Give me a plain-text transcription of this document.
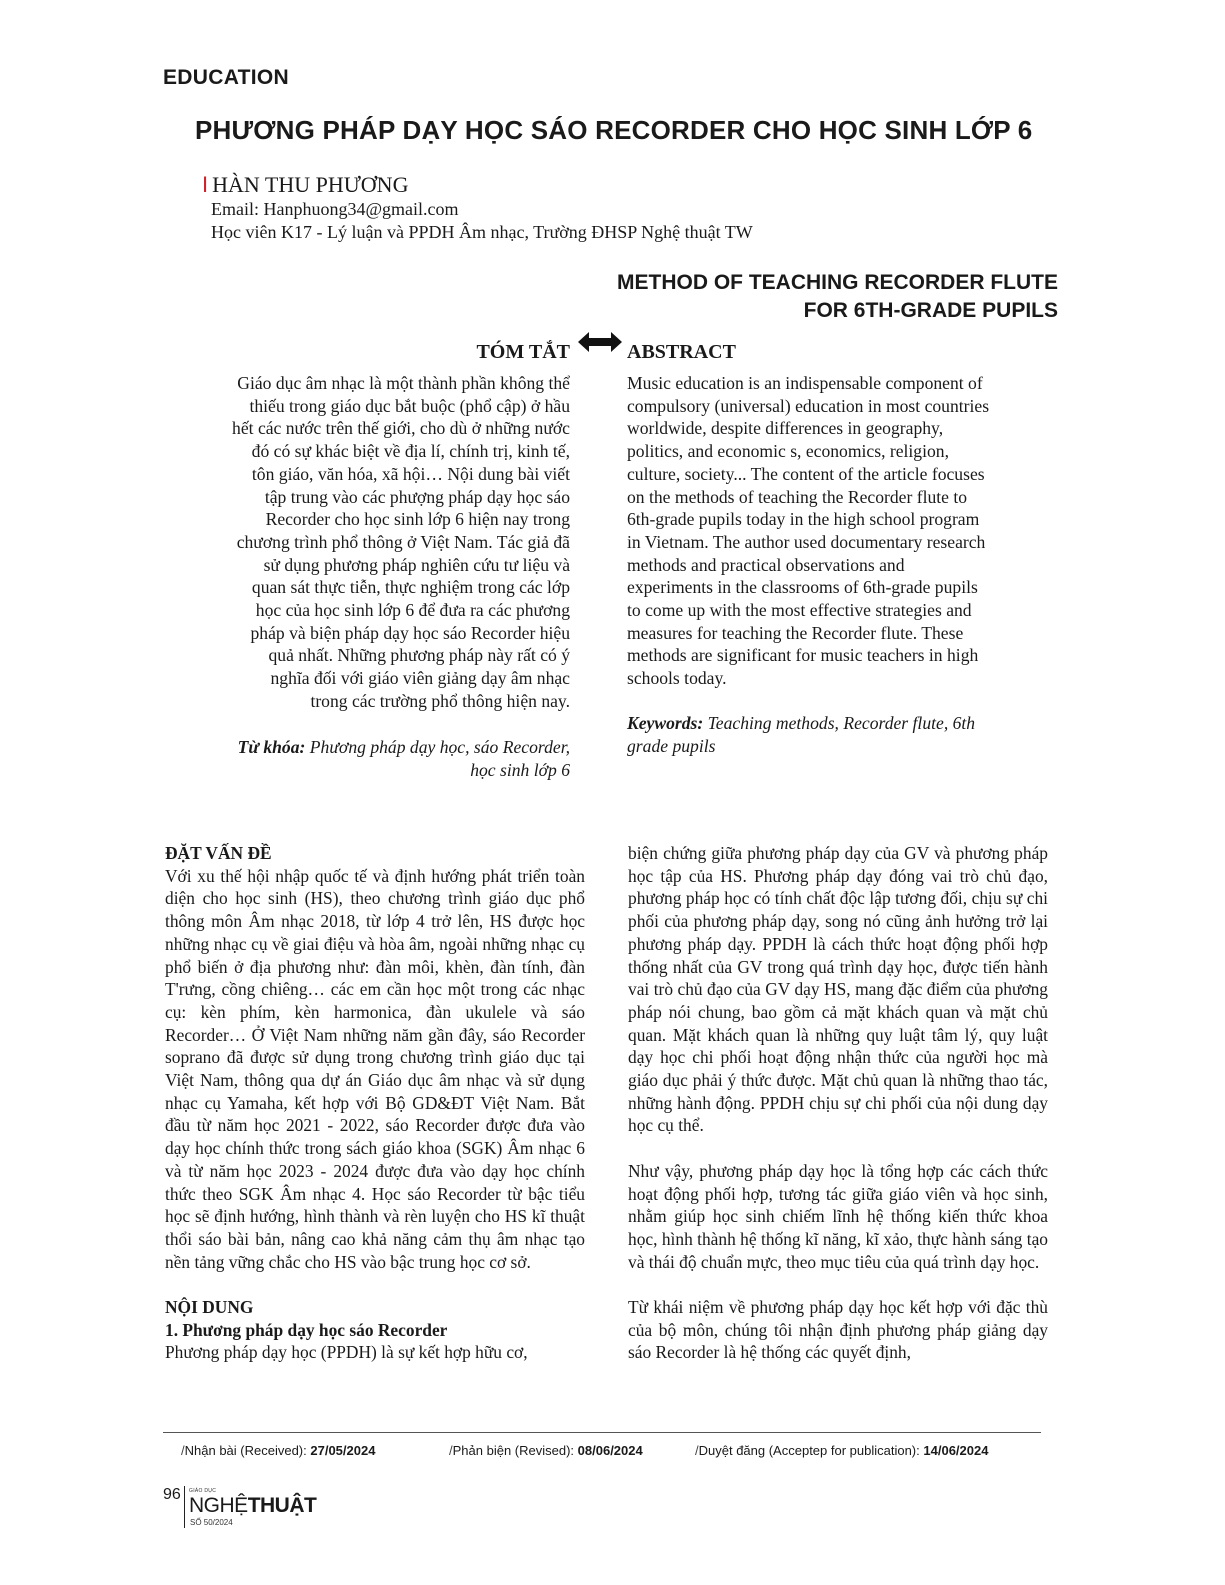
EDUCATION
PHƯƠNG PHÁP DẠY HỌC SÁO RECORDER CHO HỌC SINH LỚP 6
I HÀN THU PHƯƠNG
Email: Hanphuong34@gmail.com
Học viên K17 - Lý luận và PPDH Âm nhạc, Trường ĐHSP Nghệ thuật TW
METHOD OF TEACHING RECORDER FLUTE
FOR 6TH-GRADE PUPILS
TÓM TẮT	ABSTRACT
Giáo dục âm nhạc là một thành phần không thể
thiếu trong giáo dục bắt buộc (phổ cập) ở hầu
hết các nước trên thế giới, cho dù ở những nước
đó có sự khác biệt về địa lí, chính trị, kinh tế,
tôn giáo, văn hóa, xã hội… Nội dung bài viết
tập trung vào các phượng pháp dạy học sáo
Recorder cho học sinh lớp 6 hiện nay trong
chương trình phổ thông ở Việt Nam. Tác giả đã
sử dụng phương pháp nghiên cứu tư liệu và
quan sát thực tiễn, thực nghiệm trong các lớp
học của học sinh lớp 6 để đưa ra các phương
pháp và biện pháp dạy học sáo Recorder hiệu
quả nhất. Những phương pháp này rất có ý
nghĩa đối với giáo viên giảng dạy âm nhạc
trong các trường phổ thông hiện nay.
Từ khóa: Phương pháp dạy học, sáo Recorder,
học sinh lớp 6
Music education is an indispensable component of
compulsory (universal) education in most countries
worldwide, despite differences in geography,
politics, and economic s, economics, religion,
culture, society... The content of the article focuses
on the methods of teaching the Recorder flute to
6th-grade pupils today in the high school program
in Vietnam. The author used documentary research
methods and practical observations and
experiments in the classrooms of 6th-grade pupils
to come up with the most effective strategies and
measures for teaching the Recorder flute. These
methods are significant for music teachers in high
schools today.
Keywords: Teaching methods, Recorder flute, 6th
grade pupils

ĐẶT VẤN ĐỀ

Với xu thế hội nhập quốc tế và định hướng phát triển toàn diện cho học sinh (HS), theo chương trình giáo dục phổ thông môn Âm nhạc 2018, từ lớp 4 trở lên, HS được học những nhạc cụ về giai điệu và hòa âm, ngoài những nhạc cụ phổ biến ở địa phương như: đàn môi, khèn, đàn tính, đàn T'rưng, cồng chiêng… các em cần học một trong các nhạc cụ: kèn phím, kèn harmonica, đàn ukulele và sáo Recorder… Ở Việt Nam những năm gần đây, sáo Recorder soprano đã được sử dụng trong chương trình giáo dục tại Việt Nam, thông qua dự án Giáo dục âm nhạc và sử dụng nhạc cụ Yamaha, kết hợp với Bộ GD&ĐT Việt Nam. Bắt đầu từ năm học 2021 - 2022, sáo Recorder được đưa vào dạy học chính thức trong sách giáo khoa (SGK) Âm nhạc 6 và từ năm học 2023 - 2024 được đưa vào dạy học chính thức theo SGK Âm nhạc 4. Học sáo Recorder từ bậc tiểu học sẽ định hướng, hình thành và rèn luyện cho HS kĩ thuật thổi sáo bài bản, nâng cao khả năng cảm thụ âm nhạc tạo nền tảng vững chắc cho HS vào bậc trung học cơ sở.

NỘI DUNG

1. Phương pháp dạy học sáo Recorder

Phương pháp dạy học (PPDH) là sự kết hợp hữu cơ,

biện chứng giữa phương pháp dạy của GV và phương pháp học tập của HS. Phương pháp dạy đóng vai trò chủ đạo, phương pháp học có tính chất độc lập tương đối, chịu sự chi phối của phương pháp dạy, song nó cũng ảnh hưởng trở lại phương pháp dạy. PPDH là cách thức hoạt động phối hợp thống nhất của GV trong quá trình dạy học, được tiến hành vai trò chủ đạo của GV dạy HS, mang đặc điểm của phương pháp nói chung, bao gồm cả mặt khách quan và mặt chủ quan. Mặt khách quan là những quy luật tâm lý, quy luật dạy học chi phối hoạt động nhận thức của người học mà giáo dục phải ý thức được. Mặt chủ quan là những thao tác, những hành động. PPDH chịu sự chi phối của nội dung dạy học cụ thể.

Như vậy, phương pháp dạy học là tổng hợp các cách thức hoạt động phối hợp, tương tác giữa giáo viên và học sinh, nhằm giúp học sinh chiếm lĩnh hệ thống kiến thức khoa học, hình thành hệ thống kĩ năng, kĩ xảo, thực hành sáng tạo và thái độ chuẩn mực, theo mục tiêu của quá trình dạy học.

Từ khái niệm về phương pháp dạy học kết hợp với đặc thù của bộ môn, chúng tôi nhận định phương pháp giảng dạy sáo Recorder là hệ thống các quyết định,

/Nhận bài (Received): 27/05/2024	/Phản biện (Revised): 08/06/2024	/Duyệt đăng (Acceptep for publication): 14/06/2024
96 GIÁO DỤC
NGHỆTHUẬT
SỐ 50/2024
